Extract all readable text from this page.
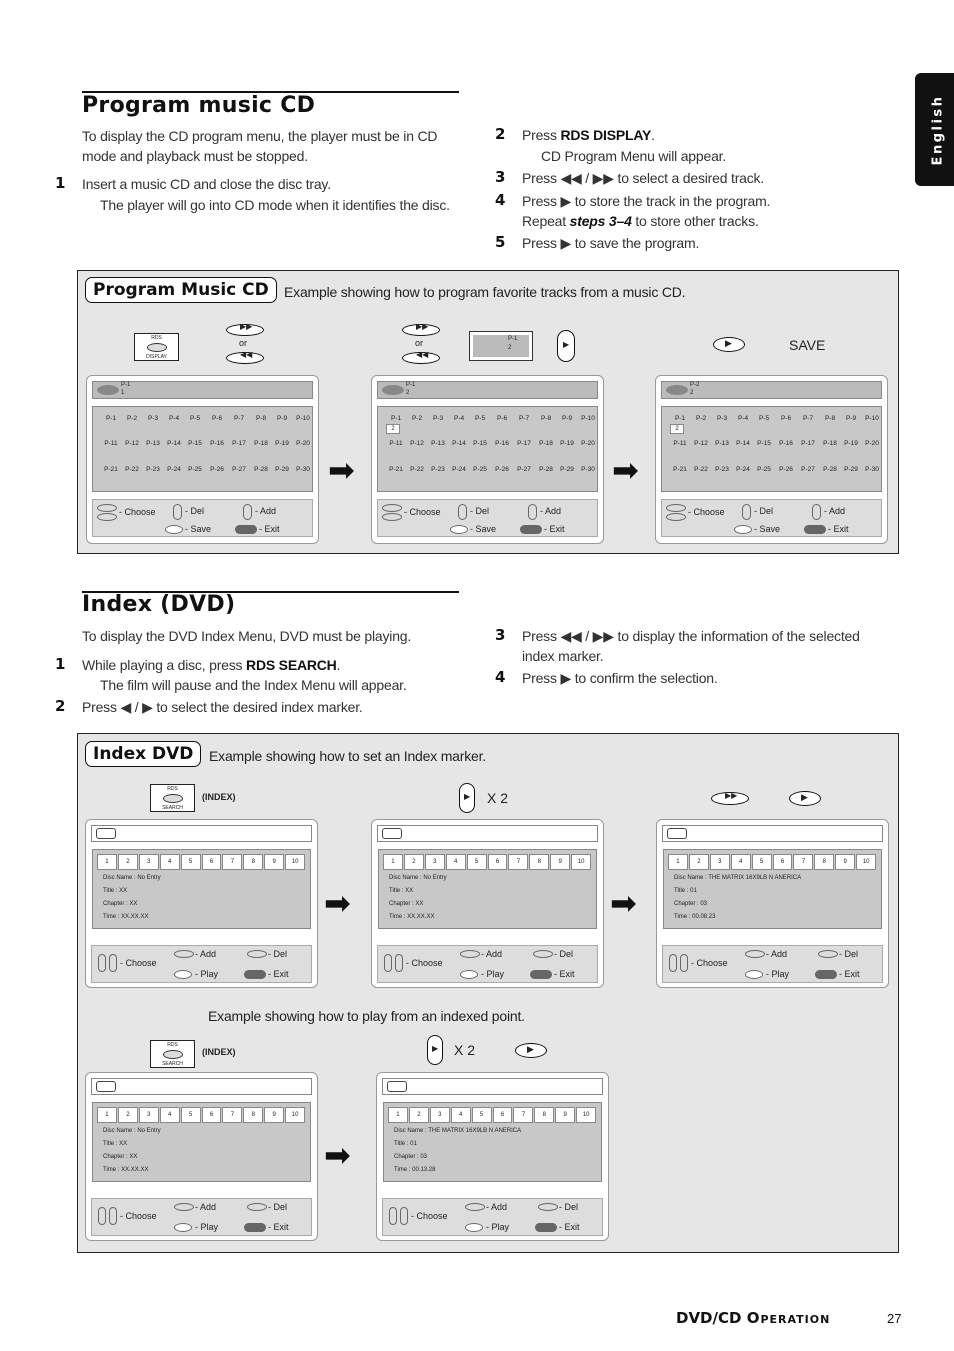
English
Program music CD
To display the CD program menu, the player must be in CD mode and playback must be stopped.
1 Insert a music CD and close the disc tray.
The player will go into CD mode when it identifies the disc.
2 Press RDS DISPLAY.
CD Program Menu will appear.
3 Press ◀◀ / ▶▶ to select a desired track.
4 Press ▶ to store the track in the program.
Repeat steps 3–4 to store other tracks.
5 Press ▶ to save the program.
Program Music CD	Example showing how to program favorite tracks from a music CD.
RDS
DISPLAY
▶▶
or
◀◀
▶▶
or
◀◀
P-1
2	▶	▶	SAVE
➡	➡
P-1
1
P-1	P-2	P-3	P-4	P-5	P-6	P-7	P-8	P-9	P-10
P-11	P-12	P-13	P-14	P-15	P-16	P-17	P-18	P-19	P-20
P-21	P-22	P-23	P-24	P-25	P-26	P-27	P-28	P-29	P-30
- Choose	- Del	- Add
- Save	- Exit
P-1
2
P-1	P-2	P-3	P-4	P-5	P-6	P-7	P-8	P-9	P-10
P-11	P-12	P-13	P-14	P-15	P-16	P-17	P-18	P-19	P-20
P-21	P-22	P-23	P-24	P-25	P-26	P-27	P-28	P-29	P-30
2
- Choose	- Del	- Add
- Save	- Exit
P-2
2
P-1	P-2	P-3	P-4	P-5	P-6	P-7	P-8	P-9	P-10
P-11	P-12	P-13	P-14	P-15	P-16	P-17	P-18	P-19	P-20
P-21	P-22	P-23	P-24	P-25	P-26	P-27	P-28	P-29	P-30
2
- Choose	- Del	- Add
- Save	- Exit
Index (DVD)
To display the DVD Index Menu, DVD must be playing.
1 While playing a disc, press RDS SEARCH.
The film will pause and the Index Menu will appear.
2 Press ◀ / ▶ to select the desired index marker.
3 Press ◀◀ / ▶▶ to display the information of the selected index marker.
4 Press ▶ to confirm the selection.
Index DVD	Example showing how to set an Index marker.
RDS
SEARCH
(INDEX)	▶ X 2	▶▶	▶
➡	➡
Example showing how to play from an indexed point.
RDS
SEARCH
(INDEX)	▶ X 2	▶
➡
1	2	3	4	5	6	7	8	9	10
Disc Name : No Entry
Title : XX
Chapter : XX
Time : XX.XX.XX
- Choose
- Add	- Del
- Play	- Exit
1	2	3	4	5	6	7	8	9	10
Disc Name : No Entry
Title : XX
Chapter : XX
Time : XX.XX.XX
- Choose
- Add	- Del
- Play	- Exit
1	2	3	4	5	6	7	8	9	10
Disc Name : THE MATRIX 16X9LB N ANERICA
Title : 01
Chapter : 03
Time : 00.08.23
- Choose
- Add	- Del
- Play	- Exit
1	2	3	4	5	6	7	8	9	10
Disc Name : No Entry
Title : XX
Chapter : XX
Time : XX.XX.XX
- Choose
- Add	- Del
- Play	- Exit
1	2	3	4	5	6	7	8	9	10
Disc Name : THE MATRIX 16X9LB N ANERICA
Title : 01
Chapter : 03
Time : 00.13.28
- Choose
- Add	- Del
- Play	- Exit
DVD/CD Operation	27
